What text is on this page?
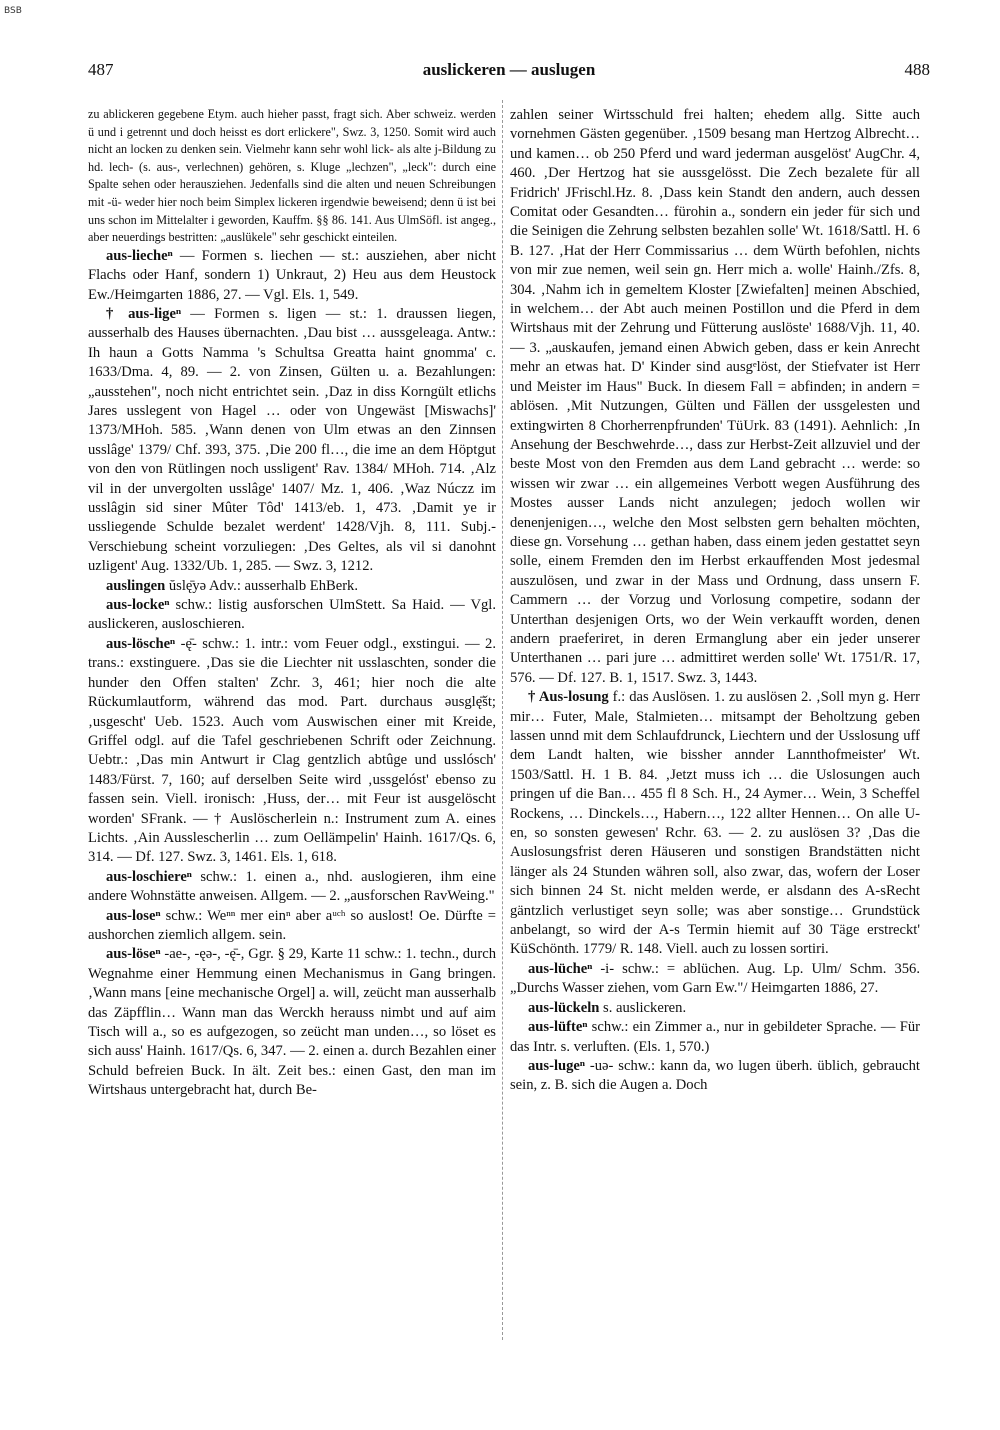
BSB
487	auslickeren — auslugen	488

zu ablickeren gegebene Etym. auch hieher passt, fragt sich. Aber schweiz. werden ü und i getrennt und doch heisst es dort erlickere", Swz. 3, 1250. Somit wird auch nicht an locken zu denken sein. Vielmehr kann sehr wohl lick- als alte j-Bildung zu hd. lech- (s. aus-, verlechnen) gehören, s. Kluge „lechzen", „leck": durch eine Spalte sehen oder herausziehen. Jedenfalls sind die alten und neuen Schreibungen mit -ü- weder hier noch beim Simplex lickeren irgendwie beweisend; denn ü ist bei uns schon im Mittelalter i geworden, Kauffm. §§ 86. 141. Aus UlmSöfl. ist angeg., aber neuerdings bestritten: „auslükele" sehr geschickt einteilen.

aus-liecheⁿ — Formen s. liechen — st.: ausziehen, aber nicht Flachs oder Hanf, sondern 1) Unkraut, 2) Heu aus dem Heustock Ew./Heimgarten 1886, 27. — Vgl. Els. 1, 549.

† aus-ligeⁿ — Formen s. ligen — st.: 1. draussen liegen, ausserhalb des Hauses übernachten. ‚Dau bist … aussgeleaga. Antw.: Ih haun a Gotts Namma 's Schultsa Greatta haint gnomma' c. 1633/Dma. 4, 89. — 2. von Zinsen, Gülten u. a. Bezahlungen: „ausstehen", noch nicht entrichtet sein. ‚Daz in diss Korngült etlichs Jares usslegent von Hagel … oder von Ungewäst [Miswachs]' 1373/MHoh. 585. ‚Wann denen von Ulm etwas an den Zinnsen usslâge' 1379/ Chf. 393, 375. ‚Die 200 fl…, die ime an dem Höptgut von den von Rütlingen noch ussligent' Rav. 1384/ MHoh. 714. ‚Alz vil in der unvergolten usslâge' 1407/ Mz. 1, 406. ‚Waz Núczz im usslâgin sid siner Mûter Tôd' 1413/eb. 1, 473. ‚Damit ye ir ussliegende Schulde bezalet werdent' 1428/Vjh. 8, 111. Subj.-Verschiebung scheint vorzuliegen: ‚Des Geltes, als vil si danohnt uzligent' Aug. 1332/Ub. 1, 285. — Swz. 3, 1212.

auslingen ŭslę̄yə Adv.: ausserhalb EhBerk.

aus-lockeⁿ schw.: listig ausforschen UlmStett. Sa Haid. — Vgl. auslickeren, ausloschieren.

aus-löscheⁿ -ę̄- schw.: 1. intr.: vom Feuer odgl., exstingui. — 2. trans.: exstinguere. ‚Das sie die Liechter nit usslaschten, sonder die hunder den Offen stalten' Zchr. 3, 461; hier noch die alte Rückumlautform, während das mod. Part. durchaus əusglę̄št; ‚usgescht' Ueb. 1523. Auch vom Auswischen einer mit Kreide, Griffel odgl. auf die Tafel geschriebenen Schrift oder Zeichnung. Uebtr.: ‚Das min Antwurt ir Clag gentzlich abtûge und usslósch' 1483/Fürst. 7, 160; auf derselben Seite wird ‚ussgelóst' ebenso zu fassen sein. Viell. ironisch: ‚Huss, der… mit Feur ist ausgelöscht worden' SFrank. — † Auslöscherlein n.: Instrument zum A. eines Lichts. ‚Ain Ausslescherlin … zum Oellämpelin' Hainh. 1617/Qs. 6, 314. — Df. 127. Swz. 3, 1461. Els. 1, 618.

aus-loschiereⁿ schw.: 1. einen a., nhd. auslogieren, ihm eine andere Wohnstätte anweisen. Allgem. — 2. „ausforschen RavWeing."

aus-loseⁿ schw.: Weⁿⁿ mer einⁿ aber aᵘᶜʰ so auslost! Oe. Dürfte = aushorchen ziemlich allgem. sein.

aus-löseⁿ -ae-, -ęə-, -ę̄-, Ggr. § 29, Karte 11 schw.: 1. techn., durch Wegnahme einer Hemmung einen Mechanismus in Gang bringen. ‚Wann mans [eine mechanische Orgel] a. will, zeücht man ausserhalb das Zäpfflin… Wann man das Werckh herauss nimbt und auf aim Tisch will a., so es aufgezogen, so zeücht man unden…, so löset es sich auss' Hainh. 1617/Qs. 6, 347. — 2. einen a. durch Bezahlen einer Schuld befreien Buck. In ält. Zeit bes.: einen Gast, den man im Wirtshaus untergebracht hat, durch Be-

zahlen seiner Wirtsschuld frei halten; ehedem allg. Sitte auch vornehmen Gästen gegenüber. ‚1509 besang man Hertzog Albrecht… und kamen… ob 250 Pferd und ward jederman ausgelöst' AugChr. 4, 460. ‚Der Hertzog hat sie aussgelösst. Die Zech bezalete für all Fridrich' JFrischl.Hz. 8. ‚Dass kein Standt den andern, auch dessen Comitat oder Gesandten… fürohin a., sondern ein jeder für sich und die Seinigen die Zehrung selbsten bezahlen solle' Wt. 1618/Sattl. H. 6 B. 127. ‚Hat der Herr Commissarius … dem Würth befohlen, nichts von mir zue nemen, weil sein gn. Herr mich a. wolle' Hainh./Zfs. 8, 304. ‚Nahm ich in gemeltem Kloster [Zwiefalten] meinen Abschied, in welchem… der Abt auch meinen Postillon und die Pferd in dem Wirtshaus mit der Zehrung und Fütterung auslöste' 1688/Vjh. 11, 40. — 3. „auskaufen, jemand einen Abwich geben, dass er kein Anrecht mehr an etwas hat. D' Kinder sind ausgᵉlöst, der Stiefvater ist Herr und Meister im Haus" Buck. In diesem Fall = abfinden; in andern = ablösen. ‚Mit Nutzungen, Gülten und Fällen der ussgelesten und extingwirten 8 Chorherrenpfrunden' TüUrk. 83 (1491). Aehnlich: ‚In Ansehung der Beschwehrde…, dass zur Herbst-Zeit allzuviel und der beste Most von den Fremden aus dem Land gebracht … werde: so wissen wir zwar … ein allgemeines Verbott wegen Ausführung des Mostes ausser Lands nicht anzulegen; jedoch wollen wir denenjenigen…, welche den Most selbsten gern behalten möchten, diese gn. Vorsehung … gethan haben, dass einem jeden gestattet seyn solle, einem Fremden den im Herbst erkauffenden Most jedesmal auszulösen, und zwar in der Mass und Ordnung, dass unsern F. Cammern … der Vorzug und Vorlosung competire, sodann der Unterthan desjenigen Orts, wo der Wein verkaufft worden, denen andern praeferiret, in deren Ermanglung aber ein jeder unserer Unterthanen … pari jure … admittiret werden solle' Wt. 1751/R. 17, 576. — Df. 127. B. 1, 1517. Swz. 3, 1443.

† Aus-losung f.: das Auslösen. 1. zu auslösen 2. ‚Soll myn g. Herr mir… Futer, Male, Stalmieten… mitsampt der Beholtzung geben lassen unnd mit dem Schlaufdrunck, Liechtern und der Usslosung uff dem Landt halten, wie bissher annder Lannthofmeister' Wt. 1503/Sattl. H. 1 B. 84. ‚Jetzt muss ich … die Uslosungen auch pringen uf die Ban… 455 fl 8 Sch. H., 24 Aymer… Wein, 3 Scheffel Rockens, … Dinckels…, Habern…, 122 allter Hennen… On alle U-en, so sonsten gewesen' Rchr. 63. — 2. zu auslösen 3? ‚Das die Auslosungsfrist deren Häuseren und sonstigen Brandstätten nicht länger als 24 Stunden währen soll, also zwar, das, wofern der Loser sich binnen 24 St. nicht melden werde, er alsdann des A-sRecht gäntzlich verlustiget seyn solle; was aber sonstige… Grundstück anbelangt, so wird der A-s Termin hiemit auf 30 Täge erstreckt' KüSchönth. 1779/ R. 148. Viell. auch zu lossen sortiri.

aus-lücheⁿ -i- schw.: = ablüchen. Aug. Lp. Ulm/ Schm. 356. „Durchs Wasser ziehen, vom Garn Ew."/ Heimgarten 1886, 27.

aus-lückeln s. auslickeren.

aus-lüfteⁿ schw.: ein Zimmer a., nur in gebildeter Sprache. — Für das Intr. s. verluften. (Els. 1, 570.)

aus-lugeⁿ -uə- schw.: kann da, wo lugen überh. üblich, gebraucht sein, z. B. sich die Augen a. Doch
